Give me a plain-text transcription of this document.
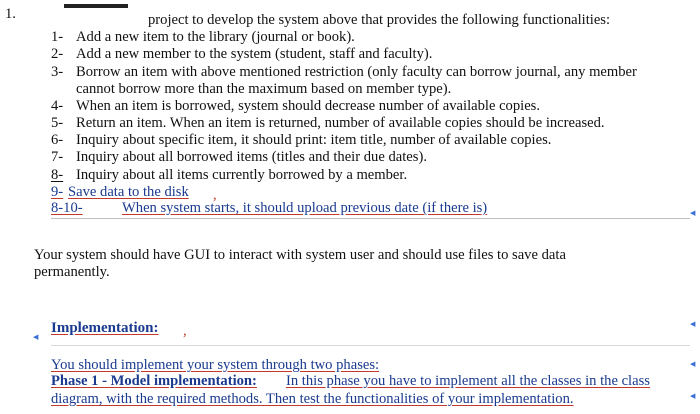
1.	project to develop the system above that provides the following functionalities:
1- Add a new item to the library (journal or book).
2- Add a new member to the system (student, staff and faculty).
3- Borrow an item with above mentioned restriction (only faculty can borrow journal, any member
cannot borrow more than the maximum based on member type).
4- When an item is borrowed, system should decrease number of available copies.
5- Return an item. When an item is returned, number of available copies should be increased.
6- Inquiry about specific item, it should print: item title, number of available copies.
7- Inquiry about all borrowed items (titles and their due dates).
8- Inquiry about all items currently borrowed by a member.
9- Save data to the disk ,
8-10-	When system starts, it should upload previous date (if there is)	◀
Your system should have GUI to interact with system user and should use files to save data
permanently.
Implementation: ,	◀
◀
You should implement your system through two phases:	◀
Phase 1 - Model implementation: In this phase you have to implement all the classes in the class
diagram, with the required methods. Then test the functionalities of your implementation.	◀
